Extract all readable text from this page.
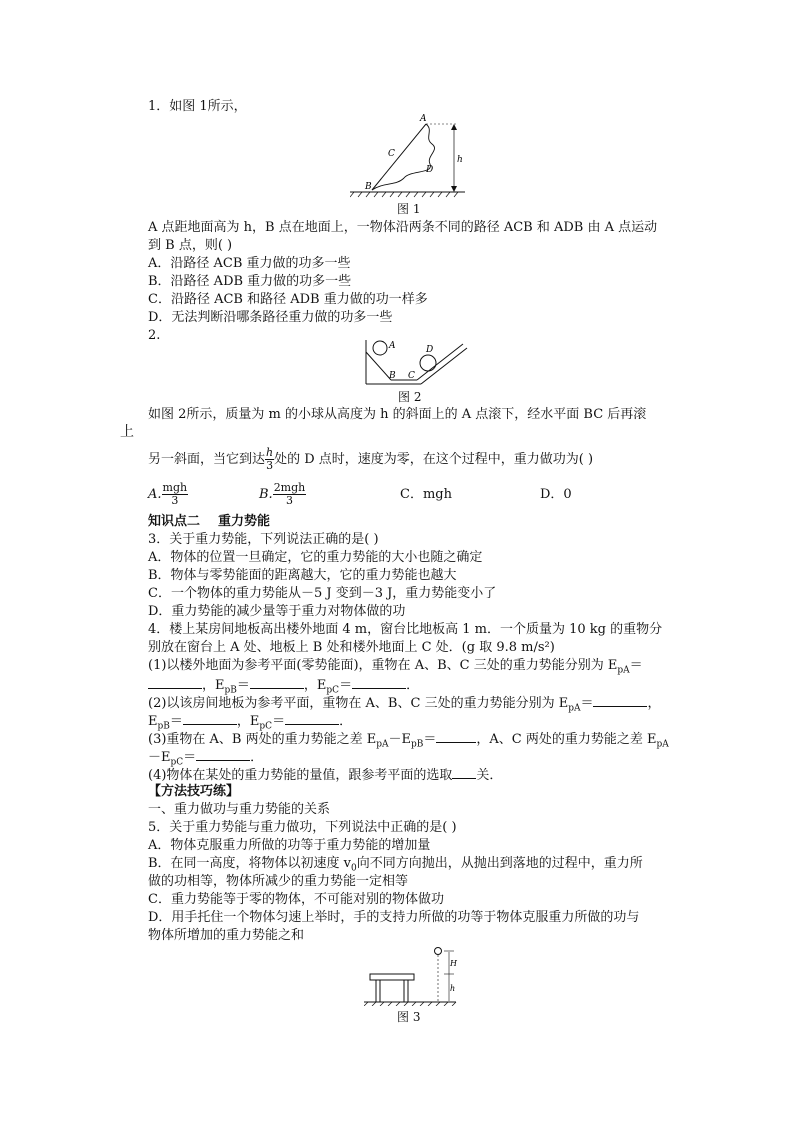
1．如图 1所示，
A
B
C
D
h
图 1
A 点距地面高为 h，B 点在地面上，一物体沿两条不同的路径 ACB 和 ADB 由 A 点运动
到 B 点，则( )
A．沿路径 ACB 重力做的功多一些
B．沿路径 ADB 重力做的功多一些
C．沿路径 ACB 和路径 ADB 重力做的功一样多
D．无法判断沿哪条路径重力做的功多一些
2.
A
B C
D
图 2
如图 2所示，质量为 m 的小球从高度为 h 的斜面上的 A 点滚下，经水平面 BC 后再滚
上
另一斜面，当它到达 $\frac{h}{3}$ 处的 D 点时，速度为零，在这个过程中，重力做功为( )
A. $\frac{\text{mgh}}{3}$	B. $\frac{\text{2mgh}}{3}$	C．mgh	D．0
知识点二 重力势能
3．关于重力势能，下列说法正确的是( )
A．物体的位置一旦确定，它的重力势能的大小也随之确定
B．物体与零势能面的距离越大，它的重力势能也越大
C．一个物体的重力势能从－5 J 变到－3 J，重力势能变小了
D．重力势能的减少量等于重力对物体做的功
4．楼上某房间地板高出楼外地面 4 m，窗台比地板高 1 m．一个质量为 10 kg 的重物分
别放在窗台上 A 处、地板上 B 处和楼外地面上 C 处．(g 取 9.8 m/s²)
(1)以楼外地面为参考平面(零势能面)，重物在 A、B、C 三处的重力势能分别为 $E_{pA}=$
，$E_{pB}=$	，$E_{pC}=$	．
(2)以该房间地板为参考平面，重物在 A、B、C 三处的重力势能分别为 $E_{pA}=$	，
$E_{pB}=$	，$E_{pC}=$	．
(3)重物在 A、B 两处的重力势能之差 $E_{pA}-E_{pB}=$	，A、C 两处的重力势能之差 $E_{pA}$
$-E_{pC}=$	．
(4)物体在某处的重力势能的量值，跟参考平面的选取 关．
【方法技巧练】
一、重力做功与重力势能的关系
5．关于重力势能与重力做功，下列说法中正确的是( )
A．物体克服重力所做的功等于重力势能的增加量
B．在同一高度，将物体以初速度 $v_0$向不同方向抛出，从抛出到落地的过程中，重力所
做的功相等，物体所减少的重力势能一定相等
C．重力势能等于零的物体，不可能对别的物体做功
D．用手托住一个物体匀速上举时，手的支持力所做的功等于物体克服重力所做的功与
物体所增加的重力势能之和
H
h
图 3
